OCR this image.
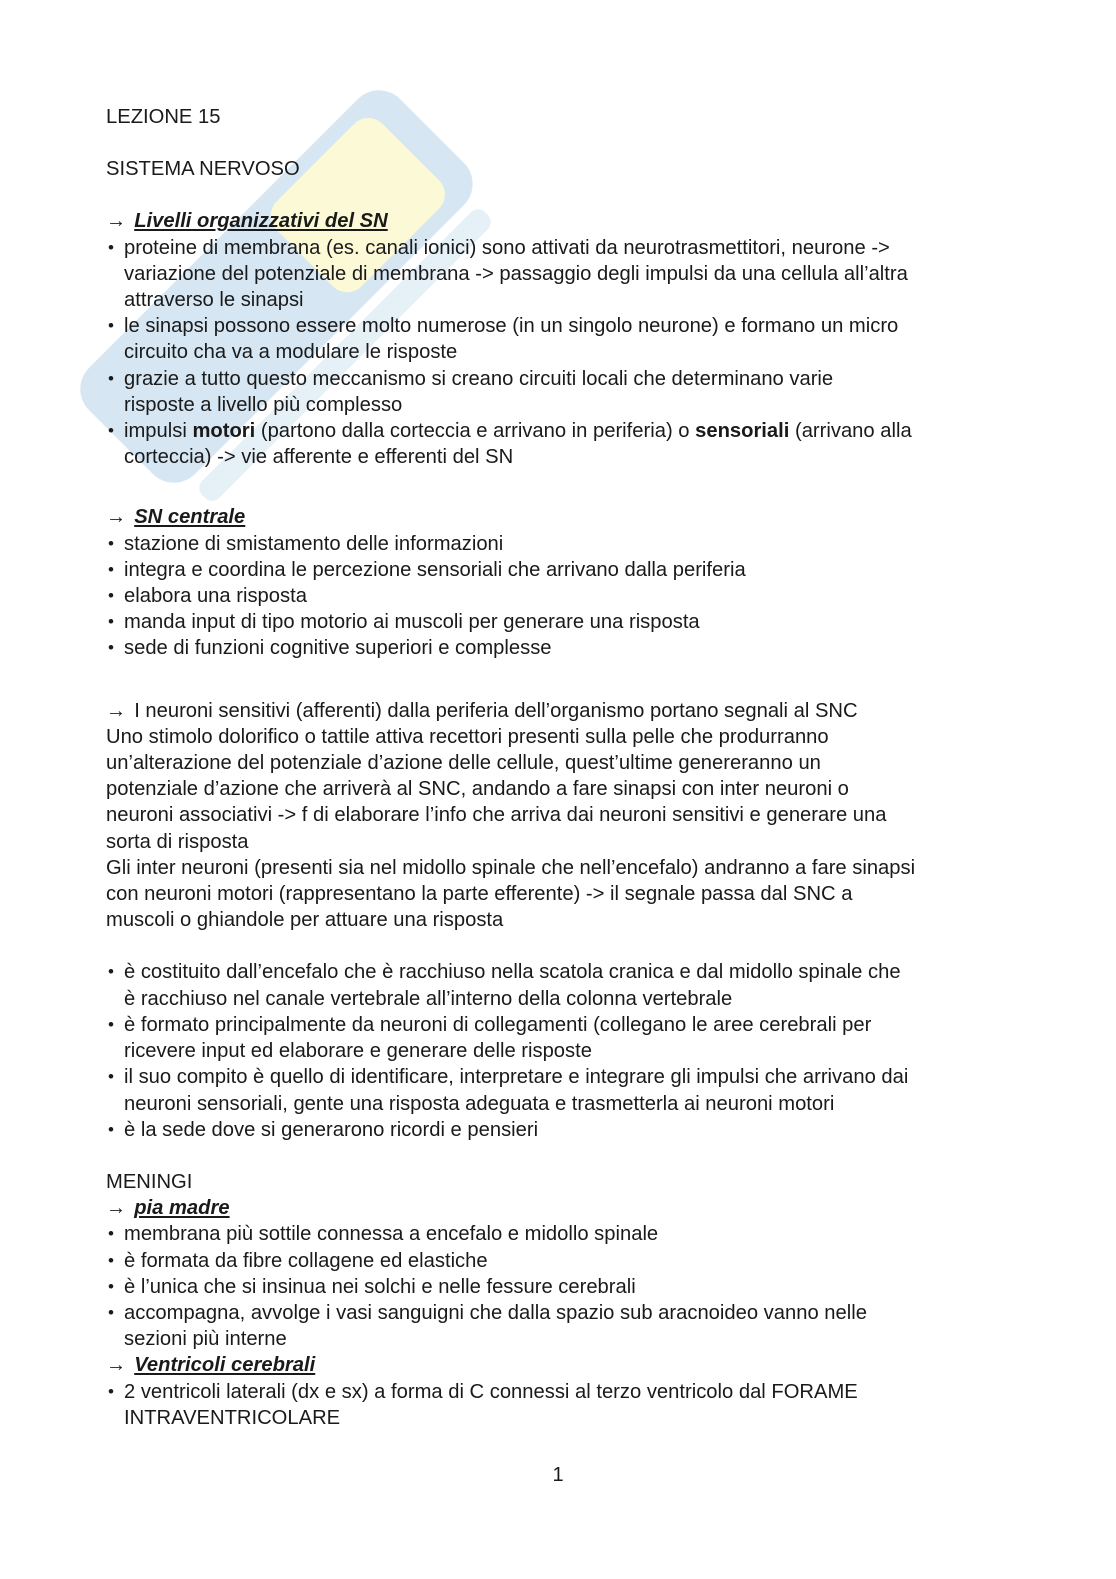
LEZIONE 15
SISTEMA NERVOSO
→ Livelli organizzativi del SN
• proteine di membrana (es. canali ionici) sono attivati da neurotrasmettitori, neurone ->
variazione del potenziale di membrana -> passaggio degli impulsi da una cellula all’altra
attraverso le sinapsi
• le sinapsi possono essere molto numerose (in un singolo neurone) e formano un micro
circuito cha va a modulare le risposte
• grazie a tutto questo meccanismo si creano circuiti locali che determinano varie
risposte a livello più complesso
• impulsi motori (partono dalla corteccia e arrivano in periferia) o sensoriali (arrivano alla
corteccia) -> vie afferente e efferenti del SN
→ SN centrale
• stazione di smistamento delle informazioni
• integra e coordina le percezione sensoriali che arrivano dalla periferia
• elabora una risposta
• manda input di tipo motorio ai muscoli per generare una risposta
• sede di funzioni cognitive superiori e complesse
→ I neuroni sensitivi (afferenti) dalla periferia dell’organismo portano segnali al SNC
Uno stimolo dolorifico o tattile attiva recettori presenti sulla pelle che produrranno
un’alterazione del potenziale d’azione delle cellule, quest’ultime genereranno un
potenziale d’azione che arriverà al SNC, andando a fare sinapsi con inter neuroni o
neuroni associativi -> f di elaborare l’info che arriva dai neuroni sensitivi e generare una
sorta di risposta
Gli inter neuroni (presenti sia nel midollo spinale che nell’encefalo) andranno a fare sinapsi
con neuroni motori (rappresentano la parte efferente) -> il segnale passa dal SNC a
muscoli o ghiandole per attuare una risposta
• è costituito dall’encefalo che è racchiuso nella scatola cranica e dal midollo spinale che
è racchiuso nel canale vertebrale all’interno della colonna vertebrale
• è formato principalmente da neuroni di collegamenti (collegano le aree cerebrali per
ricevere input ed elaborare e generare delle risposte
• il suo compito è quello di identificare, interpretare e integrare gli impulsi che arrivano dai
neuroni sensoriali, gente una risposta adeguata e trasmetterla ai neuroni motori
• è la sede dove si generarono ricordi e pensieri
MENINGI
→ pia madre
• membrana più sottile connessa a encefalo e midollo spinale
• è formata da fibre collagene ed elastiche
• è l’unica che si insinua nei solchi e nelle fessure cerebrali
• accompagna, avvolge i vasi sanguigni che dalla spazio sub aracnoideo vanno nelle
sezioni più interne
→ Ventricoli cerebrali
• 2 ventricoli laterali (dx e sx) a forma di C connessi al terzo ventricolo dal FORAME
INTRAVENTRICOLARE
1
